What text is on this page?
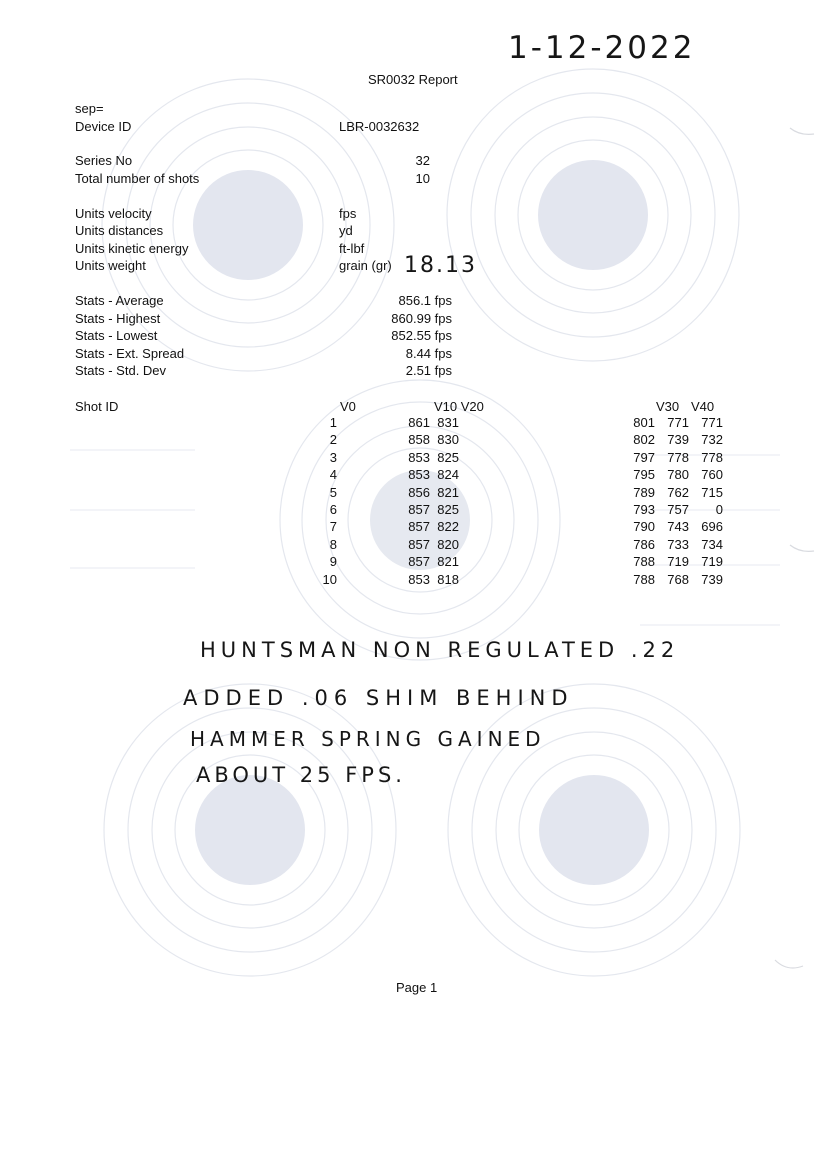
1-12-2022
SR0032 Report
sep=
Device ID	LBR-0032632
Series No	32
Total number of shots	10
Units velocity	fps
Units distances	yd
Units kinetic energy	ft-lbf
Units weight	grain (gr) 18.13
Stats - Average	856.1 fps
Stats - Highest	860.99 fps
Stats - Lowest	852.55 fps
Stats - Ext. Spread	8.44 fps
Stats - Std. Dev	2.51 fps
Shot ID	V0	V10 V20	V30 V40
1	861 831	801 771 771
2	858 830	802 739 732
3	853 825	797 778 778
4	853 824	795 780 760
5	856 821	789 762 715
6	857 825	793 757	0
7	857 822	790 743 696
8	857 820	786 733 734
9	857 821	788 719 719
10	853 818	788 768 739
HUNTSMAN NON REGULATED .22
ADDED .06 SHIM BEHIND
HAMMER SPRING GAINED
ABOUT 25 FPS.
Page 1
